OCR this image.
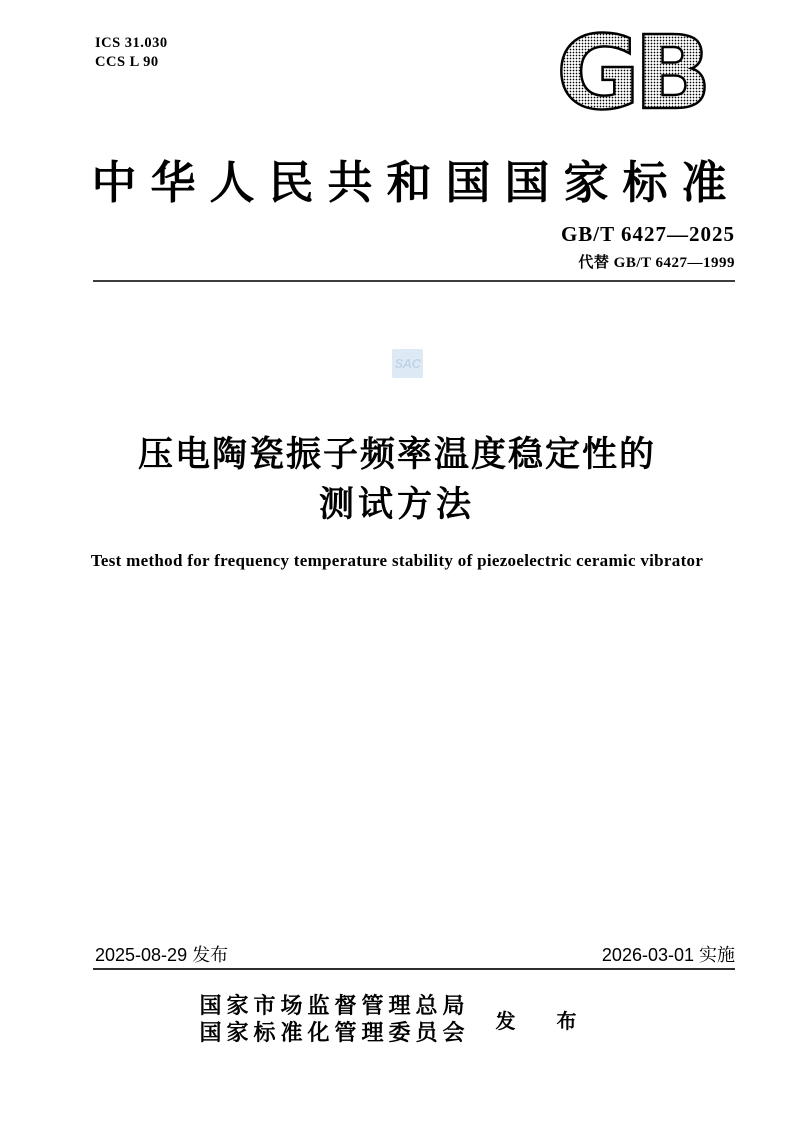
ICS 31.030
CCS L 90	GB
中华人民共和国国家标准
GB/T 6427—2025
代替 GB/T 6427—1999
SAC
压电陶瓷振子频率温度稳定性的
测试方法
Test method for frequency temperature stability of piezoelectric ceramic vibrator
2025-08-29 发布	2026-03-01 实施
国家市场监督管理总局
国家标准化管理委员会 发 布
